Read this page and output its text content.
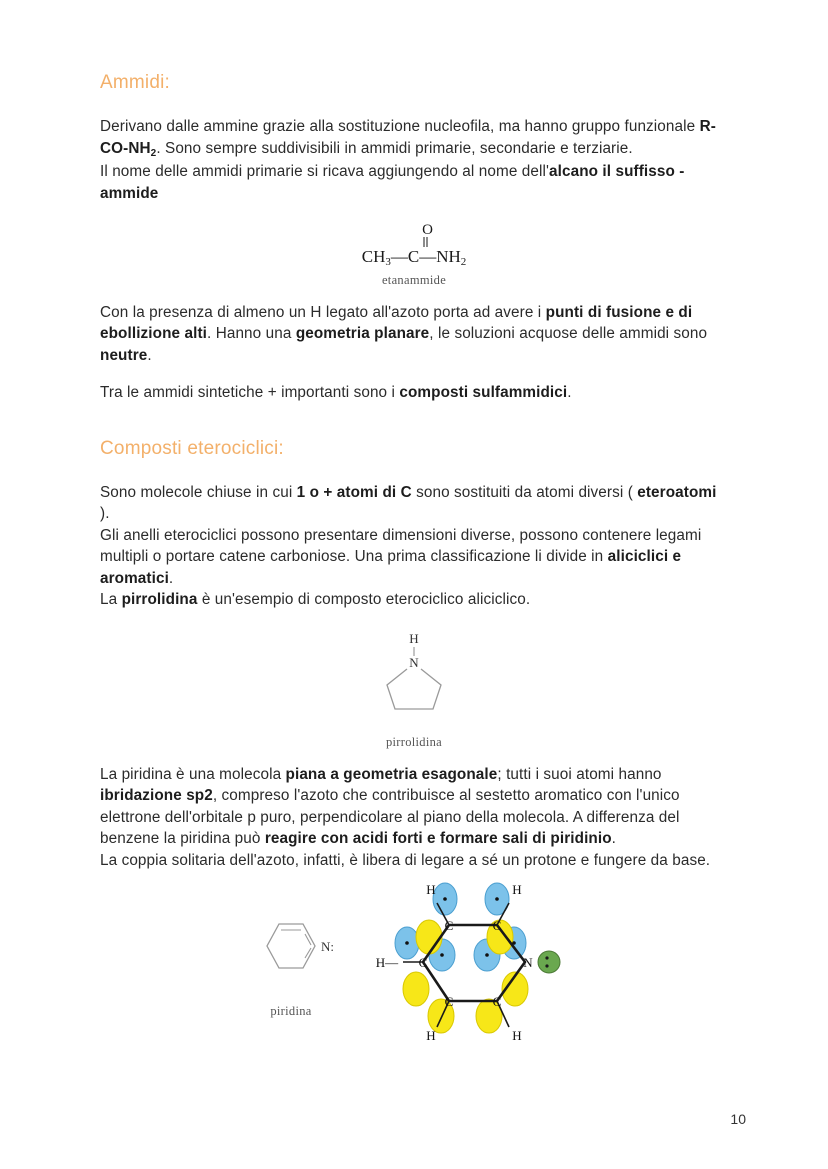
Ammidi:

Derivano dalle ammine grazie alla sostituzione nucleofila, ma hanno gruppo funzionale $R-CO-NH_2$. Sono sempre suddivisibili in ammidi primarie, secondarie e terziarie.

Il nome delle ammidi primarie si ricava aggiungendo al nome dell'alcano il suffisso -ammide

O
$CH_3—C—NH_2$
etanammide

Con la presenza di almeno un H legato all'azoto porta ad avere i punti di fusione e di ebollizione alti. Hanno una geometria planare, le soluzioni acquose delle ammidi sono neutre.

Tra le ammidi sintetiche + importanti sono i composti sulfammidici.

Composti eterociclici:

Sono molecole chiuse in cui 1 o + atomi di C sono sostituiti da atomi diversi ( eteroatomi ).

Gli anelli eterociclici possono presentare dimensioni diverse, possono contenere legami multipli o portare catene carboniose. Una prima classificazione li divide in aliciclici e aromatici.

La pirrolidina è un'esempio di composto eterociclico aliciclico.

H
N
pirrolidina

La piridina è una molecola piana a geometria esagonale; tutti i suoi atomi hanno ibridazione sp2, compreso l'azoto che contribuisce al sestetto aromatico con l'unico elettrone dell'orbitale p puro, perpendicolare al piano della molecola. A differenza del benzene la piridina può reagire con acidi forti e formare sali di piridinio.

La coppia solitaria dell'azoto, infatti, è libera di legare a sé un protone e fungere da base.

N:
piridina
C	C
C
C	C
N
H	H
H—
H	H
10
